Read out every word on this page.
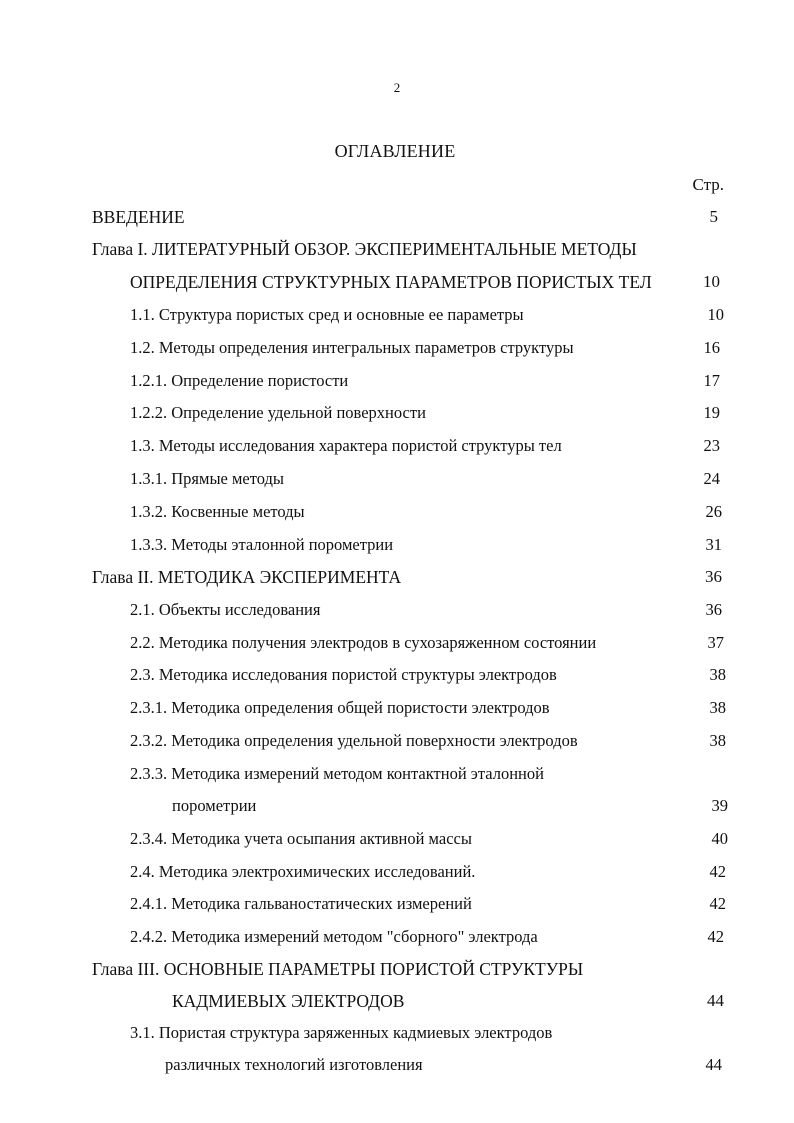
2
ОГЛАВЛЕНИЕ
Стр.
ВВЕДЕНИЕ	5
Глава I. ЛИТЕРАТУРНЫЙ ОБЗОР. ЭКСПЕРИМЕНТАЛЬНЫЕ МЕТОДЫ
ОПРЕДЕЛЕНИЯ СТРУКТУРНЫХ ПАРАМЕТРОВ ПОРИСТЫХ ТЕЛ	10
1.1. Структура пористых сред и основные ее параметры	10
1.2. Методы определения интегральных параметров структуры	16
1.2.1. Определение пористости	17
1.2.2. Определение удельной поверхности	19
1.3. Методы исследования характера пористой структуры тел	23
1.3.1. Прямые методы	24
1.3.2. Косвенные методы	26
1.3.3. Методы эталонной порометрии	31
Глава II. МЕТОДИКА ЭКСПЕРИМЕНТА	36
2.1. Объекты исследования	36
2.2. Методика получения электродов в сухозаряженном состоянии	37
2.3. Методика исследования пористой структуры электродов	38
2.3.1. Методика определения общей пористости электродов	38
2.3.2. Методика определения удельной поверхности электродов	38
2.3.3. Методика измерений методом контактной эталонной
порометрии	39
2.3.4. Методика учета осыпания активной массы	40
2.4. Методика электрохимических исследований.	42
2.4.1. Методика гальваностатических измерений	42
2.4.2. Методика измерений методом "сборного" электрода	42
Глава III. ОСНОВНЫЕ ПАРАМЕТРЫ ПОРИСТОЙ СТРУКТУРЫ
КАДМИЕВЫХ ЭЛЕКТРОДОВ	44
3.1. Пористая структура заряженных кадмиевых электродов
различных технологий изготовления	44
